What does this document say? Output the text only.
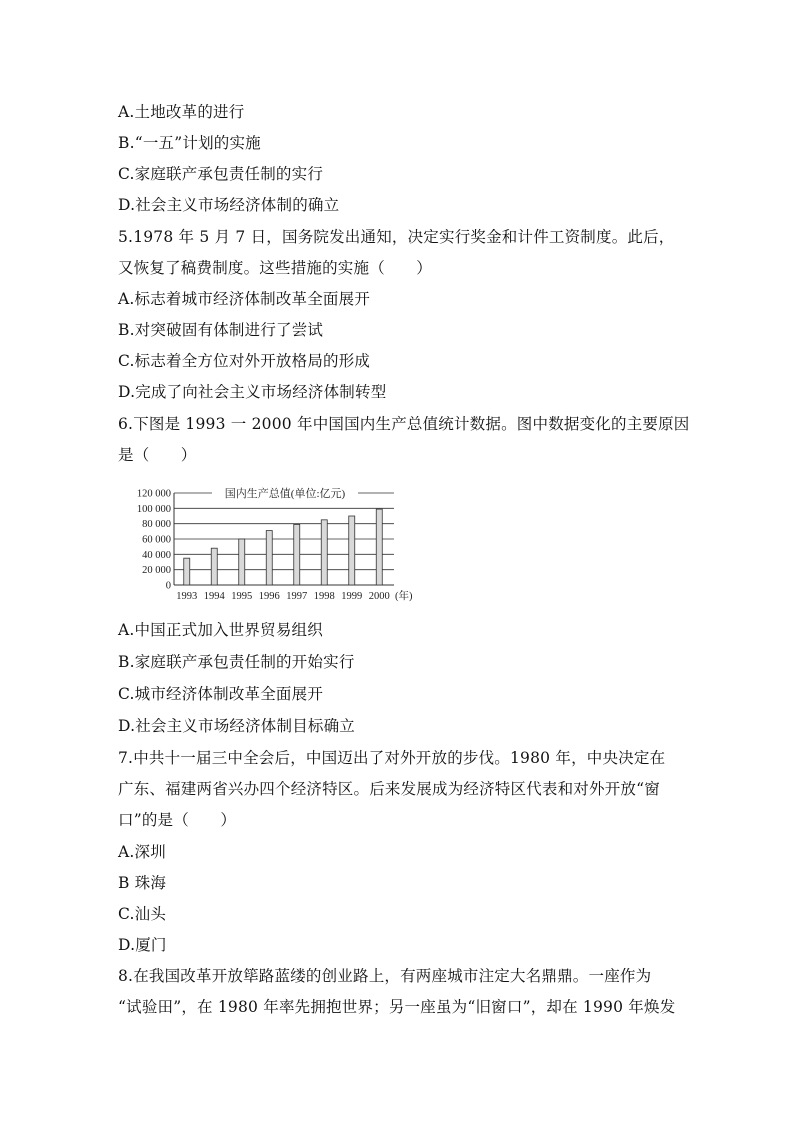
A.土地改革的进行
B.“一五”计划的实施
C.家庭联产承包责任制的实行
D.社会主义市场经济体制的确立
5.1978 年 5 月 7 日，国务院发出通知，决定实行奖金和计件工资制度。此后，
又恢复了稿费制度。这些措施的实施（　　）
A.标志着城市经济体制改革全面展开
B.对突破固有体制进行了尝试
C.标志着全方位对外开放格局的形成
D.完成了向社会主义市场经济体制转型
6.下图是 1993 一 2000 年中国国内生产总值统计数据。图中数据变化的主要原因
是（　　）
0
20 000
40 000
60 000
80 000
100 000
120 000	国内生产总值(单位:亿元)
1993 1994 1995 1996 1997 1998 1999 2000 (年)
A.中国正式加入世界贸易组织
B.家庭联产承包责任制的开始实行
C.城市经济体制改革全面展开
D.社会主义市场经济体制目标确立
7.中共十一届三中全会后，中国迈出了对外开放的步伐。1980 年，中央决定在
广东、福建两省兴办四个经济特区。后来发展成为经济特区代表和对外开放“窗
口”的是（　　）
A.深圳
B 珠海
C.汕头
D.厦门
8.在我国改革开放筚路蓝缕的创业路上，有两座城市注定大名鼎鼎。一座作为
“试验田”，在 1980 年率先拥抱世界；另一座虽为“旧窗口”，却在 1990 年焕发
